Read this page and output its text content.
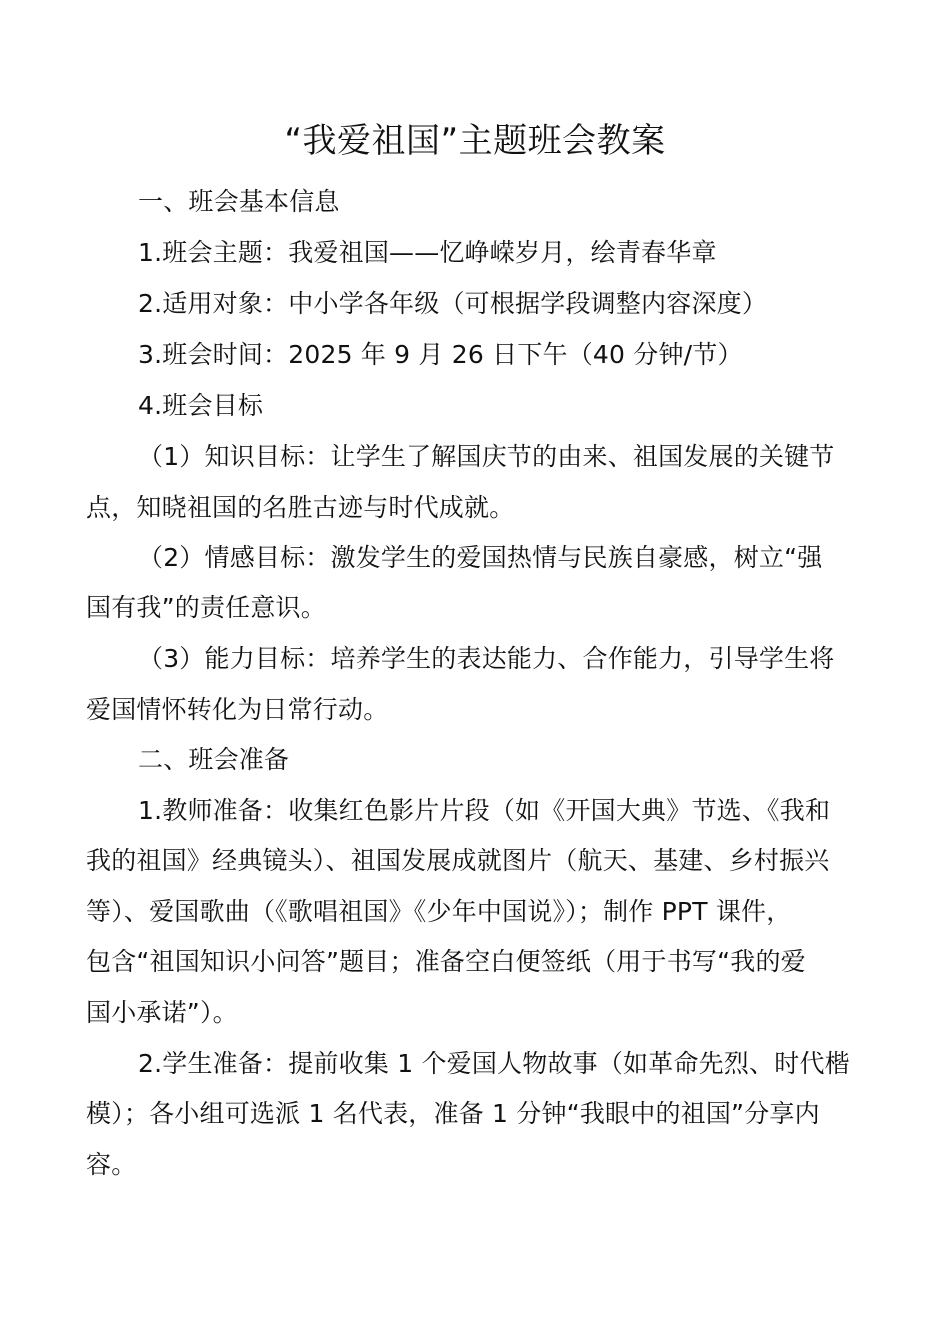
“我爱祖国”主题班会教案

一、班会基本信息

1.班会主题：我爱祖国——忆峥嵘岁月，绘青春华章

2.适用对象：中小学各年级（可根据学段调整内容深度）

3.班会时间：2025 年 9 月 26 日下午（40 分钟/节）

4.班会目标

（1）知识目标：让学生了解国庆节的由来、祖国发展的关键节

点，知晓祖国的名胜古迹与时代成就。

（2）情感目标：激发学生的爱国热情与民族自豪感，树立“强

国有我”的责任意识。

（3）能力目标：培养学生的表达能力、合作能力，引导学生将

爱国情怀转化为日常行动。

二、班会准备

1.教师准备：收集红色影片片段（如《开国大典》节选、《我和

我的祖国》经典镜头）、祖国发展成就图片（航天、基建、乡村振兴

等）、爱国歌曲（《歌唱祖国》《少年中国说》）；制作 PPT 课件，

包含“祖国知识小问答”题目；准备空白便签纸（用于书写“我的爱

国小承诺”）。

2.学生准备：提前收集 1 个爱国人物故事（如革命先烈、时代楷

模）；各小组可选派 1 名代表，准备 1 分钟“我眼中的祖国”分享内

容。
